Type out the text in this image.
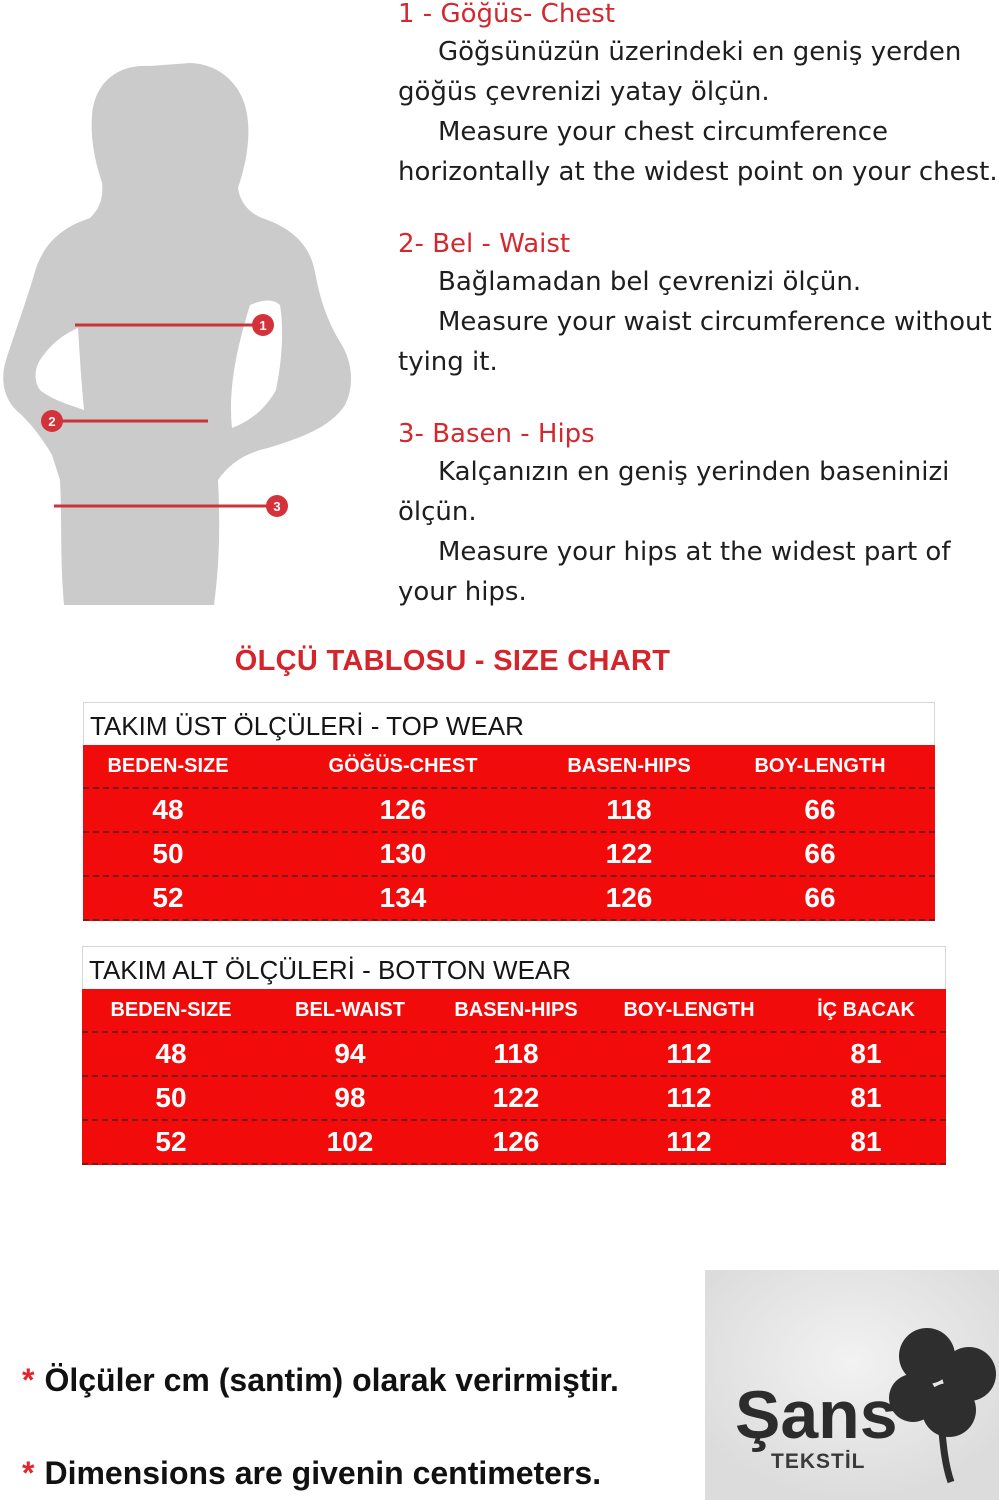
1
2
3
1 - Göğüs- Chest
Göğsünüzün üzerindeki en geniş yerden göğüs çevrenizi yatay ölçün.
Measure your chest circumference horizontally at the widest point on your chest.
2- Bel - Waist
Bağlamadan bel çevrenizi ölçün.
Measure your waist circumference without tying it.
3- Basen - Hips
Kalçanızın en geniş yerinden baseninizi ölçün.
Measure your hips at the widest part of your hips.
ÖLÇÜ TABLOSU - SIZE CHART
TAKIM ÜST ÖLÇÜLERİ - TOP WEAR
BEDEN-SIZE	GÖĞÜS-CHEST	BASEN-HIPS	BOY-LENGTH
48	126	118	66
50	130	122	66
52	134	126	66
TAKIM ALT ÖLÇÜLERİ - BOTTON WEAR
BEDEN-SIZE	BEL-WAIST	BASEN-HIPS	BOY-LENGTH	İÇ BACAK
48	94	118	112	81
50	98	122	112	81
52	102	126	112	81
* Ölçüler cm (santim) olarak verirmiştir.
* Dimensions are givenin centimeters.
Şans
TEKSTİL
